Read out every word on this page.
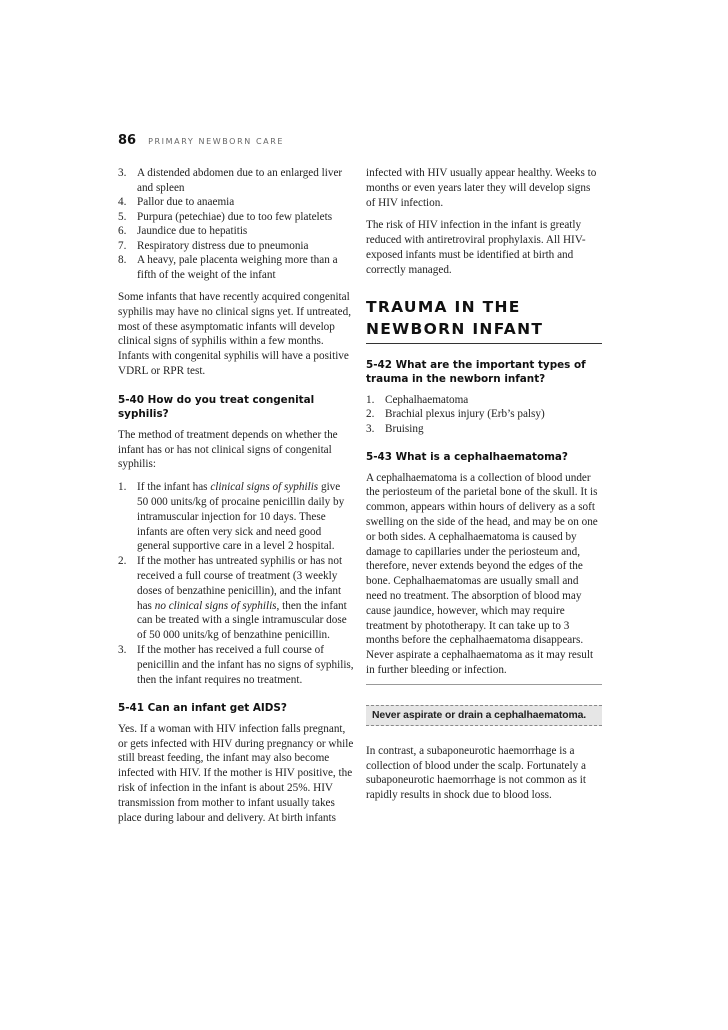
86 PRIMARY NEWBORN CARE
3. A distended abdomen due to an enlarged liver and spleen
4. Pallor due to anaemia
5. Purpura (petechiae) due to too few platelets
6. Jaundice due to hepatitis
7. Respiratory distress due to pneumonia
8. A heavy, pale placenta weighing more than a fifth of the weight of the infant

Some infants that have recently acquired congenital syphilis may have no clinical signs yet. If untreated, most of these asymptomatic infants will develop clinical signs of syphilis within a few months. Infants with congenital syphilis will have a positive VDRL or RPR test.

5-40 How do you treat congenital syphilis?

The method of treatment depends on whether the infant has or has not clinical signs of congenital syphilis:

1. If the infant has clinical signs of syphilis give 50 000 units/kg of procaine penicillin daily by intramuscular injection for 10 days. These infants are often very sick and need good general supportive care in a level 2 hospital.
2. If the mother has untreated syphilis or has not received a full course of treatment (3 weekly doses of benzathine penicillin), and the infant has no clinical signs of syphilis, then the infant can be treated with a single intramuscular dose of 50 000 units/kg of benzathine penicillin.
3. If the mother has received a full course of penicillin and the infant has no signs of syphilis, then the infant requires no treatment.
5-41 Can an infant get AIDS?

Yes. If a woman with HIV infection falls pregnant, or gets infected with HIV during pregnancy or while still breast feeding, the infant may also become infected with HIV. If the mother is HIV positive, the risk of infection in the infant is about 25%. HIV transmission from mother to infant usually takes place during labour and delivery. At birth infants

infected with HIV usually appear healthy. Weeks to months or even years later they will develop signs of HIV infection.

The risk of HIV infection in the infant is greatly reduced with antiretroviral prophylaxis. All HIV-exposed infants must be identified at birth and correctly managed.

TRAUMA IN THE NEWBORN INFANT
5-42 What are the important types of trauma in the newborn infant?
1. Cephalhaematoma
2. Brachial plexus injury (Erb’s palsy)
3. Bruising
5-43 What is a cephalhaematoma?

A cephalhaematoma is a collection of blood under the periosteum of the parietal bone of the skull. It is common, appears within hours of delivery as a soft swelling on the side of the head, and may be on one or both sides. A cephalhaematoma is caused by damage to capillaries under the periosteum and, therefore, never extends beyond the edges of the bone. Cephalhaematomas are usually small and need no treatment. The absorption of blood may cause jaundice, however, which may require treatment by phototherapy. It can take up to 3 months before the cephalhaematoma disappears. Never aspirate a cephalhaematoma as it may result in further bleeding or infection.

Never aspirate or drain a cephalhaematoma.

In contrast, a subaponeurotic haemorrhage is a collection of blood under the scalp. Fortunately a subaponeurotic haemorrhage is not common as it rapidly results in shock due to blood loss.
